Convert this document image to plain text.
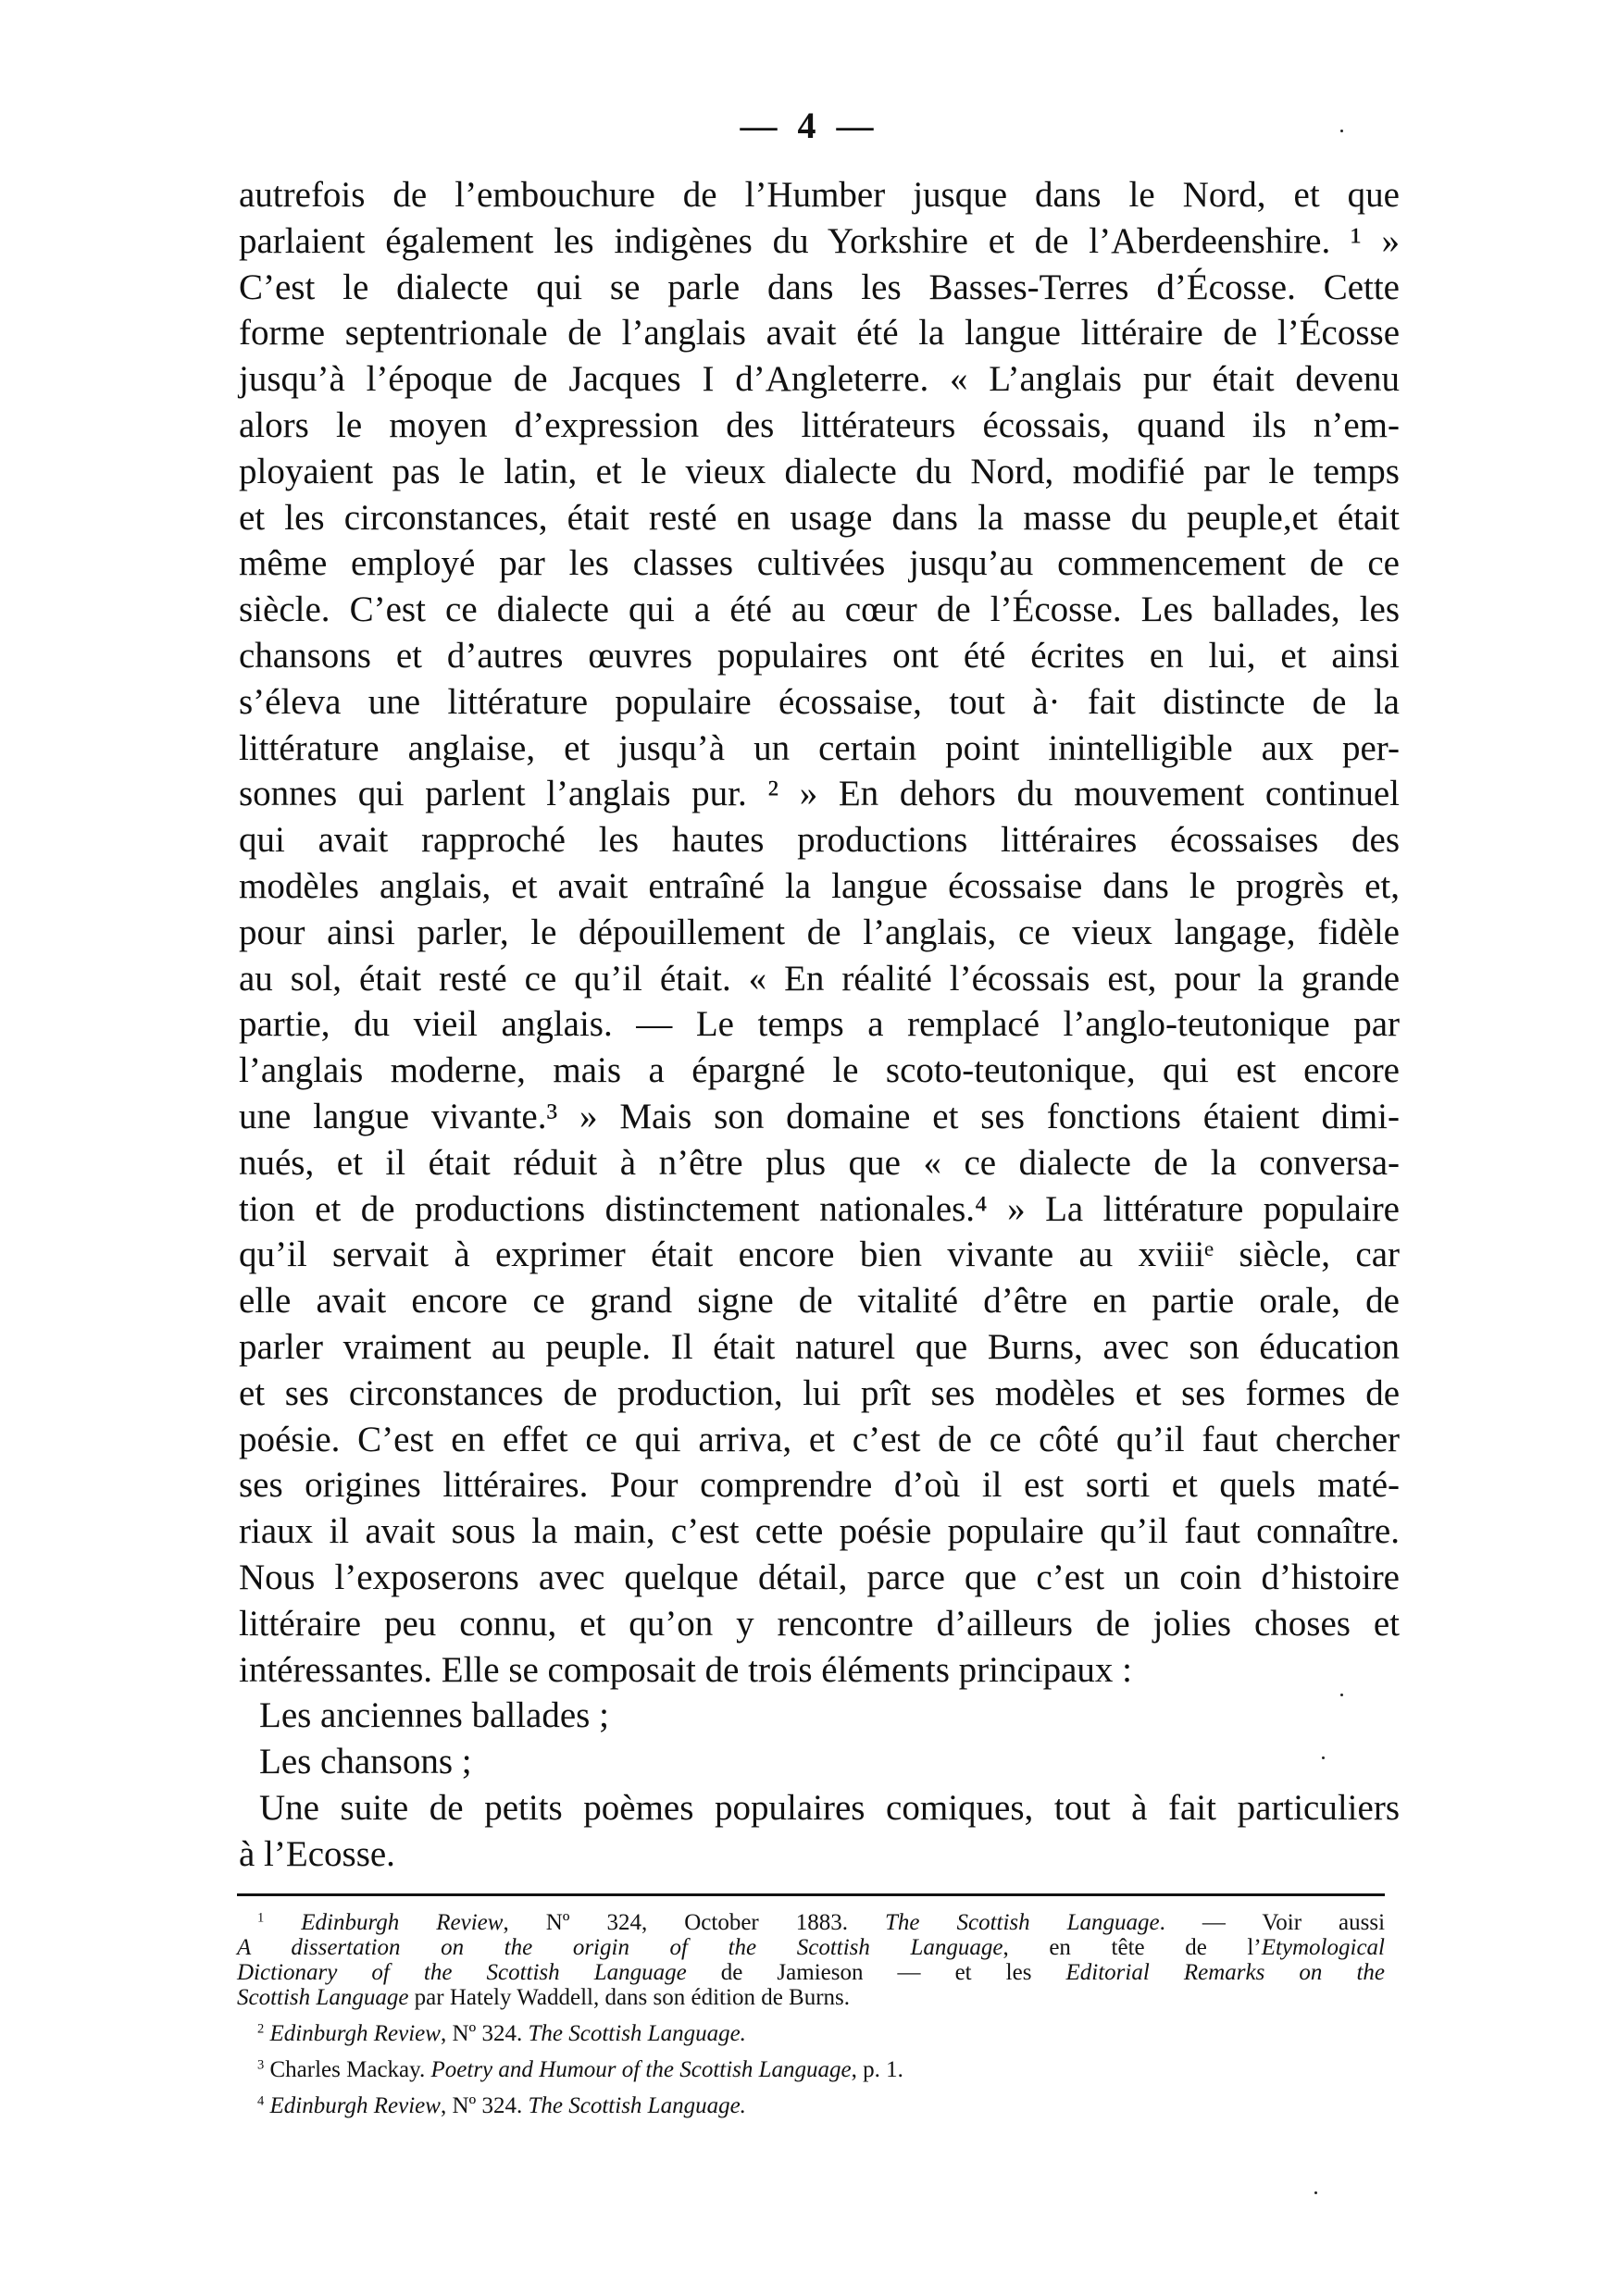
— 4 —
autrefois de l’embouchure de l’Humber jusque dans le Nord, et que
parlaient également les indigènes du Yorkshire et de l’Aberdeenshire. ¹ »
C’est le dialecte qui se parle dans les Basses-Terres d’Écosse. Cette
forme septentrionale de l’anglais avait été la langue littéraire de l’Écosse
jusqu’à l’époque de Jacques I d’Angleterre. « L’anglais pur était devenu
alors le moyen d’expression des littérateurs écossais, quand ils n’em-
ployaient pas le latin, et le vieux dialecte du Nord, modifié par le temps
et les circonstances, était resté en usage dans la masse du peuple,et était
même employé par les classes cultivées jusqu’au commencement de ce
siècle. C’est ce dialecte qui a été au cœur de l’Écosse. Les ballades, les
chansons et d’autres œuvres populaires ont été écrites en lui, et ainsi
s’éleva une littérature populaire écossaise, tout à· fait distincte de la
littérature anglaise, et jusqu’à un certain point inintelligible aux per-
sonnes qui parlent l’anglais pur. ² » En dehors du mouvement continuel
qui avait rapproché les hautes productions littéraires écossaises des
modèles anglais, et avait entraîné la langue écossaise dans le progrès et,
pour ainsi parler, le dépouillement de l’anglais, ce vieux langage, fidèle
au sol, était resté ce qu’il était. « En réalité l’écossais est, pour la grande
partie, du vieil anglais. — Le temps a remplacé l’anglo-teutonique par
l’anglais moderne, mais a épargné le scoto-teutonique, qui est encore
une langue vivante.³ » Mais son domaine et ses fonctions étaient dimi-
nués, et il était réduit à n’être plus que « ce dialecte de la conversa-
tion et de productions distinctement nationales.⁴ » La littérature populaire
qu’il servait à exprimer était encore bien vivante au xviiiᵉ siècle, car
elle avait encore ce grand signe de vitalité d’être en partie orale, de
parler vraiment au peuple. Il était naturel que Burns, avec son éducation
et ses circonstances de production, lui prît ses modèles et ses formes de
poésie. C’est en effet ce qui arriva, et c’est de ce côté qu’il faut chercher
ses origines littéraires. Pour comprendre d’où il est sorti et quels maté-
riaux il avait sous la main, c’est cette poésie populaire qu’il faut connaître.
Nous l’exposerons avec quelque détail, parce que c’est un coin d’histoire
littéraire peu connu, et qu’on y rencontre d’ailleurs de jolies choses et
intéressantes. Elle se composait de trois éléments principaux :
Les anciennes ballades ;
Les chansons ;
Une suite de petits poèmes populaires comiques, tout à fait particuliers
à l’Ecosse.
$^1$ Edinburgh Review, Nº 324, October 1883. The Scottish Language. — Voir aussi
A dissertation on the origin of the Scottish Language, en tête de l’Etymological
Dictionary of the Scottish Language de Jamieson — et les Editorial Remarks on the
Scottish Language par Hately Waddell, dans son édition de Burns.
$^2$ Edinburgh Review, Nº 324. The Scottish Language.
$^3$ Charles Mackay. Poetry and Humour of the Scottish Language, p. 1.
$^4$ Edinburgh Review, Nº 324. The Scottish Language.
